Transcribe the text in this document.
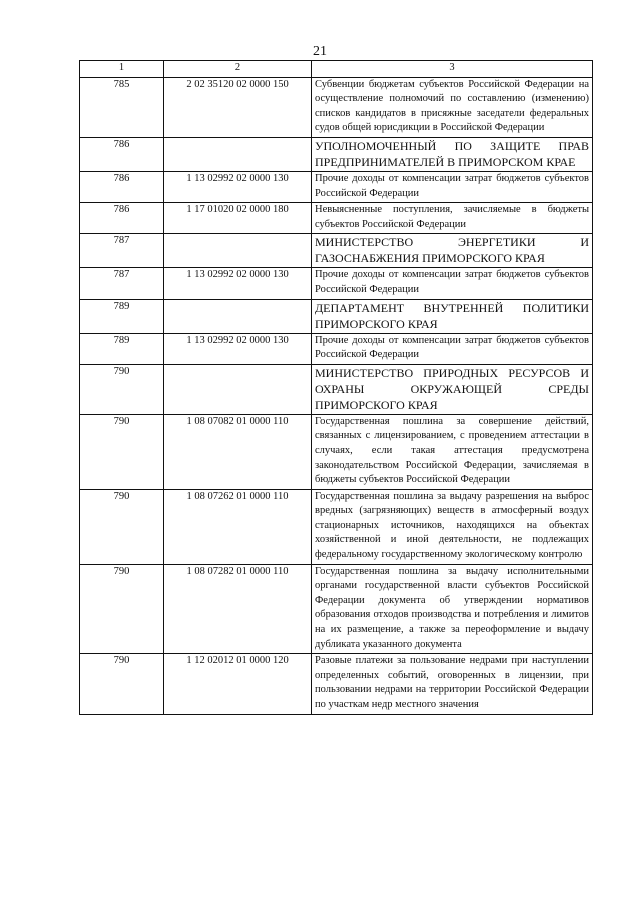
21
1	2	3
785	2 02 35120 02 0000 150	Субвенции бюджетам субъектов Российской Федерации на осуществление полномочий по составлению (изменению) списков кандидатов в присяжные заседатели федеральных судов общей юрисдикции в Российской Федерации
786		УПОЛНОМОЧЕННЫЙ ПО ЗАЩИТЕ ПРАВ ПРЕДПРИНИМАТЕЛЕЙ В ПРИМОРСКОМ КРАЕ
786	1 13 02992 02 0000 130	Прочие доходы от компенсации затрат бюджетов субъектов Российской Федерации
786	1 17 01020 02 0000 180	Невыясненные поступления, зачисляемые в бюджеты субъектов Российской Федерации
787		МИНИСТЕРСТВО ЭНЕРГЕТИКИ И ГАЗОСНАБЖЕНИЯ ПРИМОРСКОГО КРАЯ
787	1 13 02992 02 0000 130	Прочие доходы от компенсации затрат бюджетов субъектов Российской Федерации
789		ДЕПАРТАМЕНТ ВНУТРЕННЕЙ ПОЛИТИКИ ПРИМОРСКОГО КРАЯ
789	1 13 02992 02 0000 130	Прочие доходы от компенсации затрат бюджетов субъектов Российской Федерации
790		МИНИСТЕРСТВО ПРИРОДНЫХ РЕСУРСОВ И ОХРАНЫ ОКРУЖАЮЩЕЙ СРЕДЫ ПРИМОРСКОГО КРАЯ
790	1 08 07082 01 0000 110	Государственная пошлина за совершение действий, связанных с лицензированием, с проведением аттестации в случаях, если такая аттестация предусмотрена законодательством Российской Федерации, зачисляемая в бюджеты субъектов Российской Федерации
790	1 08 07262 01 0000 110	Государственная пошлина за выдачу разрешения на выброс вредных (загрязняющих) веществ в атмосферный воздух стационарных источников, находящихся на объектах хозяйственной и иной деятельности, не подлежащих федеральному государственному экологическому контролю
790	1 08 07282 01 0000 110	Государственная пошлина за выдачу исполнительными органами государственной власти субъектов Российской Федерации документа об утверждении нормативов образования отходов производства и потребления и лимитов на их размещение, а также за переоформление и выдачу дубликата указанного документа
790	1 12 02012 01 0000 120	Разовые платежи за пользование недрами при наступлении определенных событий, оговоренных в лицензии, при пользовании недрами на территории Российской Федерации по участкам недр местного значения
